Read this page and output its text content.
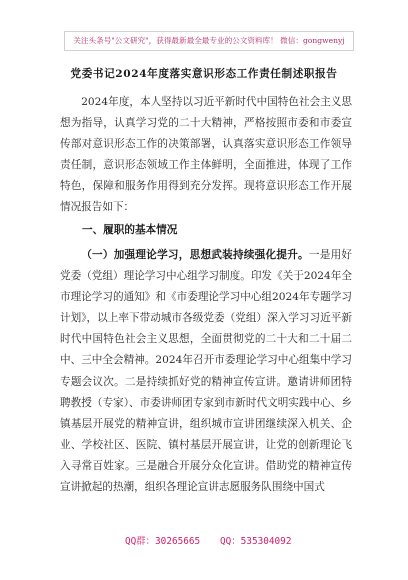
关注头条号"公文研究"，获得最新最全最专业的公文资料库！ 微信：gongwenyj
党委书记2024年度落实意识形态工作责任制述职报告
2024年度，本人坚持以习近平新时代中国特色社会主义思想为指导，认真学习党的二十大精神，严格按照市委和市委宣传部对意识形态工作的决策部署，认真落实意识形态工作领导责任制，意识形态领域工作主体鲜明，全面推进，体现了工作特色，保障和服务作用得到充分发挥。现将意识形态工作开展情况报告如下：
一、履职的基本情况
（一）加强理论学习，思想武装持续强化提升。一是用好党委（党组）理论学习中心组学习制度。印发《关于2024年全市理论学习的通知》和《市委理论学习中心组2024年专题学习计划》，以上率下带动城市各级党委（党组）深入学习习近平新时代中国特色社会主义思想，全面贯彻党的二十大和二十届二中、三中全会精神。2024年召开市委理论学习中心组集中学习专题会议次。二是持续抓好党的精神宣传宣讲。邀请讲师团特聘教授（专家）、市委讲师团专家到市新时代文明实践中心、乡镇基层开展党的精神宣讲，组织城市宣讲团继续深入机关、企业、学校社区、医院、镇村基层开展宣讲，让党的创新理论飞入寻常百姓家。三是融合开展分众化宣讲。借助党的精神宣传宣讲掀起的热潮，组织各理论宣讲志愿服务队围绕中国式
QQ群：30265665 QQ：535304092
